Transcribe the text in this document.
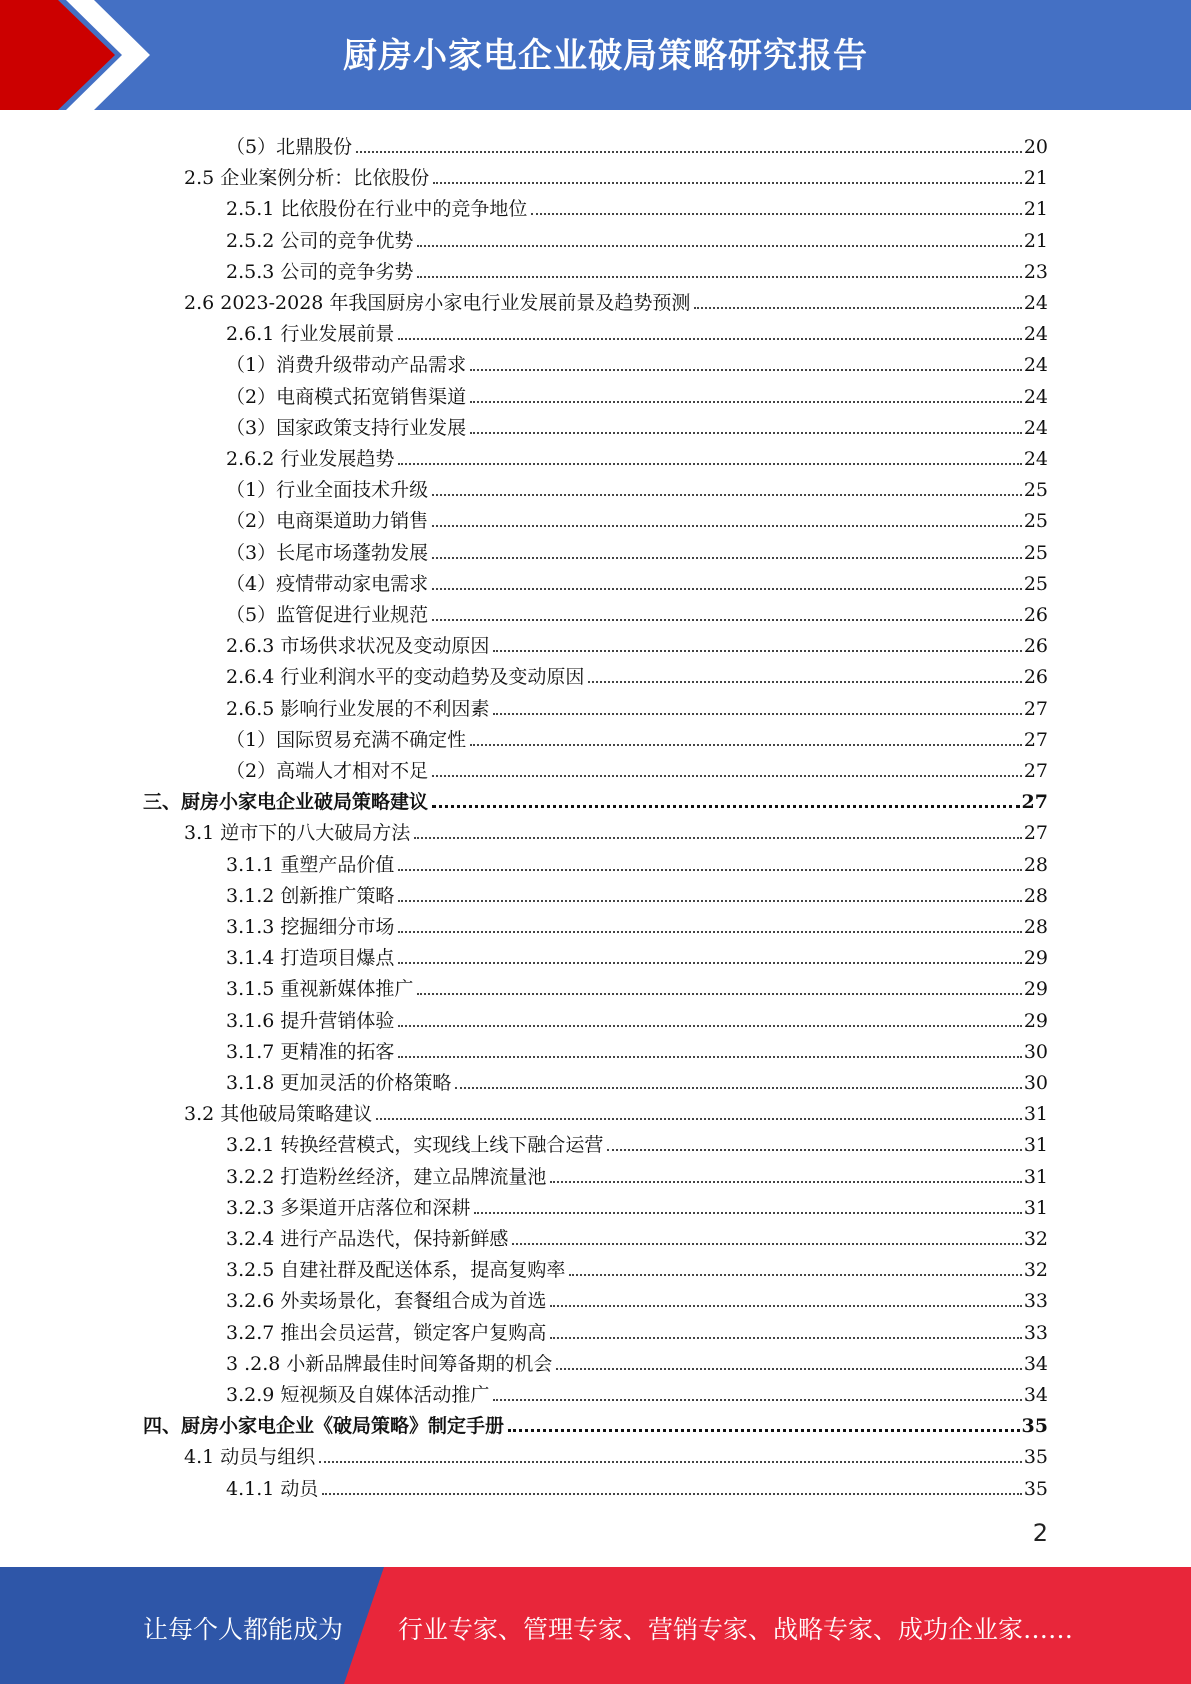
厨房小家电企业破局策略研究报告
（5）北鼎股份	20
2.5 企业案例分析：比依股份	21
2.5.1 比依股份在行业中的竞争地位	21
2.5.2 公司的竞争优势	21
2.5.3 公司的竞争劣势	23
2.6 2023-2028 年我国厨房小家电行业发展前景及趋势预测	24
2.6.1 行业发展前景	24
（1）消费升级带动产品需求	24
（2）电商模式拓宽销售渠道	24
（3）国家政策支持行业发展	24
2.6.2 行业发展趋势	24
（1）行业全面技术升级	25
（2）电商渠道助力销售	25
（3）长尾市场蓬勃发展	25
（4）疫情带动家电需求	25
（5）监管促进行业规范	26
2.6.3 市场供求状况及变动原因	26
2.6.4 行业利润水平的变动趋势及变动原因	26
2.6.5 影响行业发展的不利因素	27
（1）国际贸易充满不确定性	27
（2）高端人才相对不足	27
三、厨房小家电企业破局策略建议	27
3.1 逆市下的八大破局方法	27
3.1.1 重塑产品价值	28
3.1.2 创新推广策略	28
3.1.3 挖掘细分市场	28
3.1.4 打造项目爆点	29
3.1.5 重视新媒体推广	29
3.1.6 提升营销体验	29
3.1.7 更精准的拓客	30
3.1.8 更加灵活的价格策略	30
3.2 其他破局策略建议	31
3.2.1 转换经营模式，实现线上线下融合运营	31
3.2.2 打造粉丝经济，建立品牌流量池	31
3.2.3 多渠道开店落位和深耕	31
3.2.4 进行产品迭代，保持新鲜感	32
3.2.5 自建社群及配送体系，提高复购率	32
3.2.6 外卖场景化，套餐组合成为首选	33
3.2.7 推出会员运营，锁定客户复购高	33
3 .2.8 小新品牌最佳时间筹备期的机会	34
3.2.9 短视频及自媒体活动推广	34
四、厨房小家电企业《破局策略》制定手册	35
4.1 动员与组织	35
4.1.1 动员	35
2
让每个人都能成为 行业专家、管理专家、营销专家、战略专家、成功企业家……
